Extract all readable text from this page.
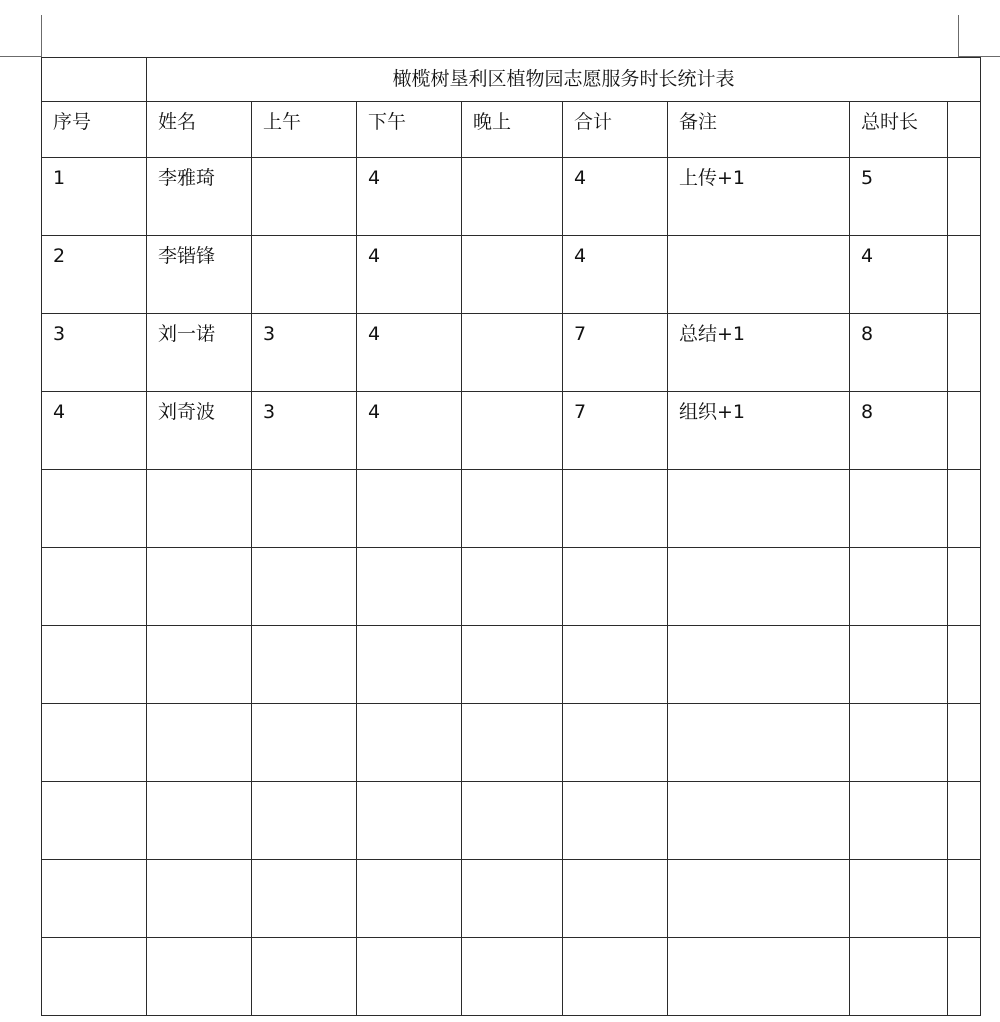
	橄榄树垦利区植物园志愿服务时长统计表							

序号	姓名	上午	下午	晚上	合计	备注	总时长	

1	李雅琦		4		4	上传+1	5	

2	李锴锋		4		4		4	

3	刘一诺	3	4		7	总结+1	8	

4	刘奇波	3	4		7	组织+1	8	
